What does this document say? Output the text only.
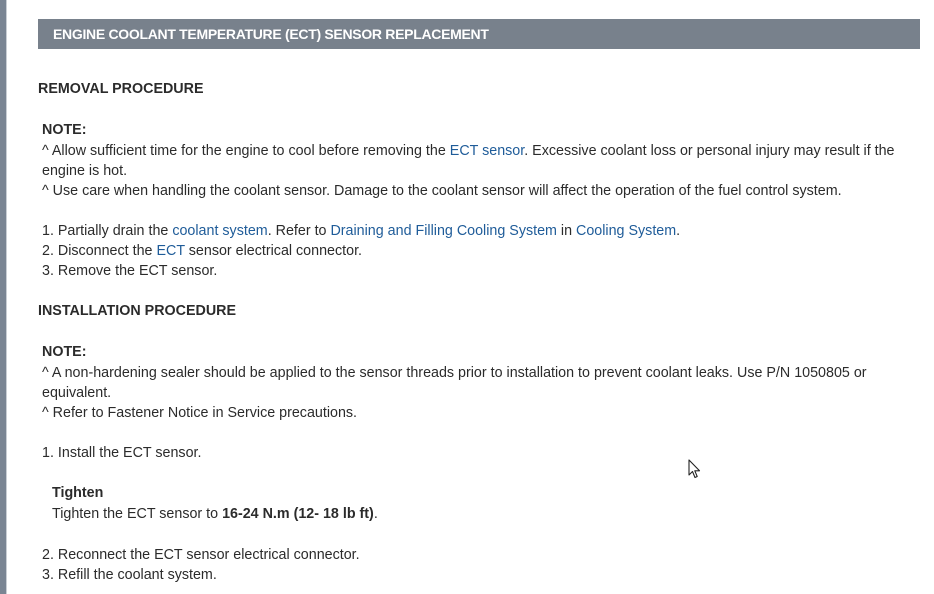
ENGINE COOLANT TEMPERATURE (ECT) SENSOR REPLACEMENT
REMOVAL PROCEDURE
NOTE:
^ Allow sufficient time for the engine to cool before removing the ECT sensor. Excessive coolant loss or personal injury may result if the
engine is hot.
^ Use care when handling the coolant sensor. Damage to the coolant sensor will affect the operation of the fuel control system.
1. Partially drain the coolant system. Refer to Draining and Filling Cooling System in Cooling System.
2. Disconnect the ECT sensor electrical connector.
3. Remove the ECT sensor.
INSTALLATION PROCEDURE
NOTE:
^ A non-hardening sealer should be applied to the sensor threads prior to installation to prevent coolant leaks. Use P/N 1050805 or
equivalent.
^ Refer to Fastener Notice in Service precautions.
1. Install the ECT sensor.
Tighten
Tighten the ECT sensor to 16-24 N.m (12- 18 lb ft).
2. Reconnect the ECT sensor electrical connector.
3. Refill the coolant system.
